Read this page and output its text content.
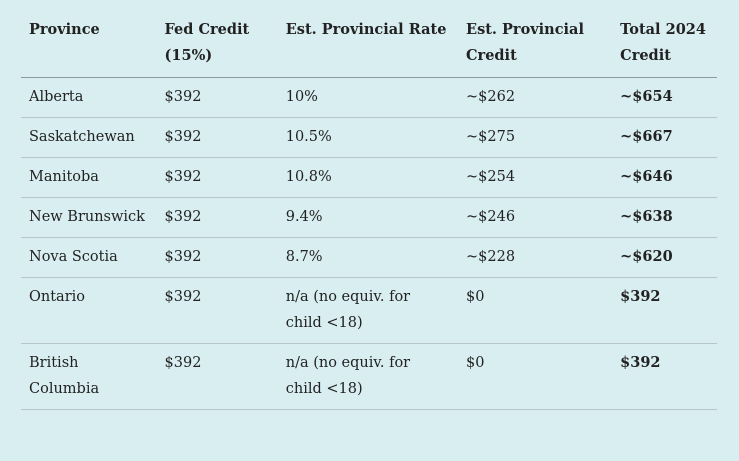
Province	Fed Credit (15%)	Est. Provincial Rate	Est. Provincial Credit	Total 2024 Credit
Alberta	$392	10%	~$262	~$654
Saskatchewan	$392	10.5%	~$275	~$667
Manitoba	$392	10.8%	~$254	~$646
New Brunswick	$392	9.4%	~$246	~$638
Nova Scotia	$392	8.7%	~$228	~$620
Ontario	$392	n/a (no equiv. for child <18)	$0	$392
British Columbia	$392	n/a (no equiv. for child <18)	$0	$392
